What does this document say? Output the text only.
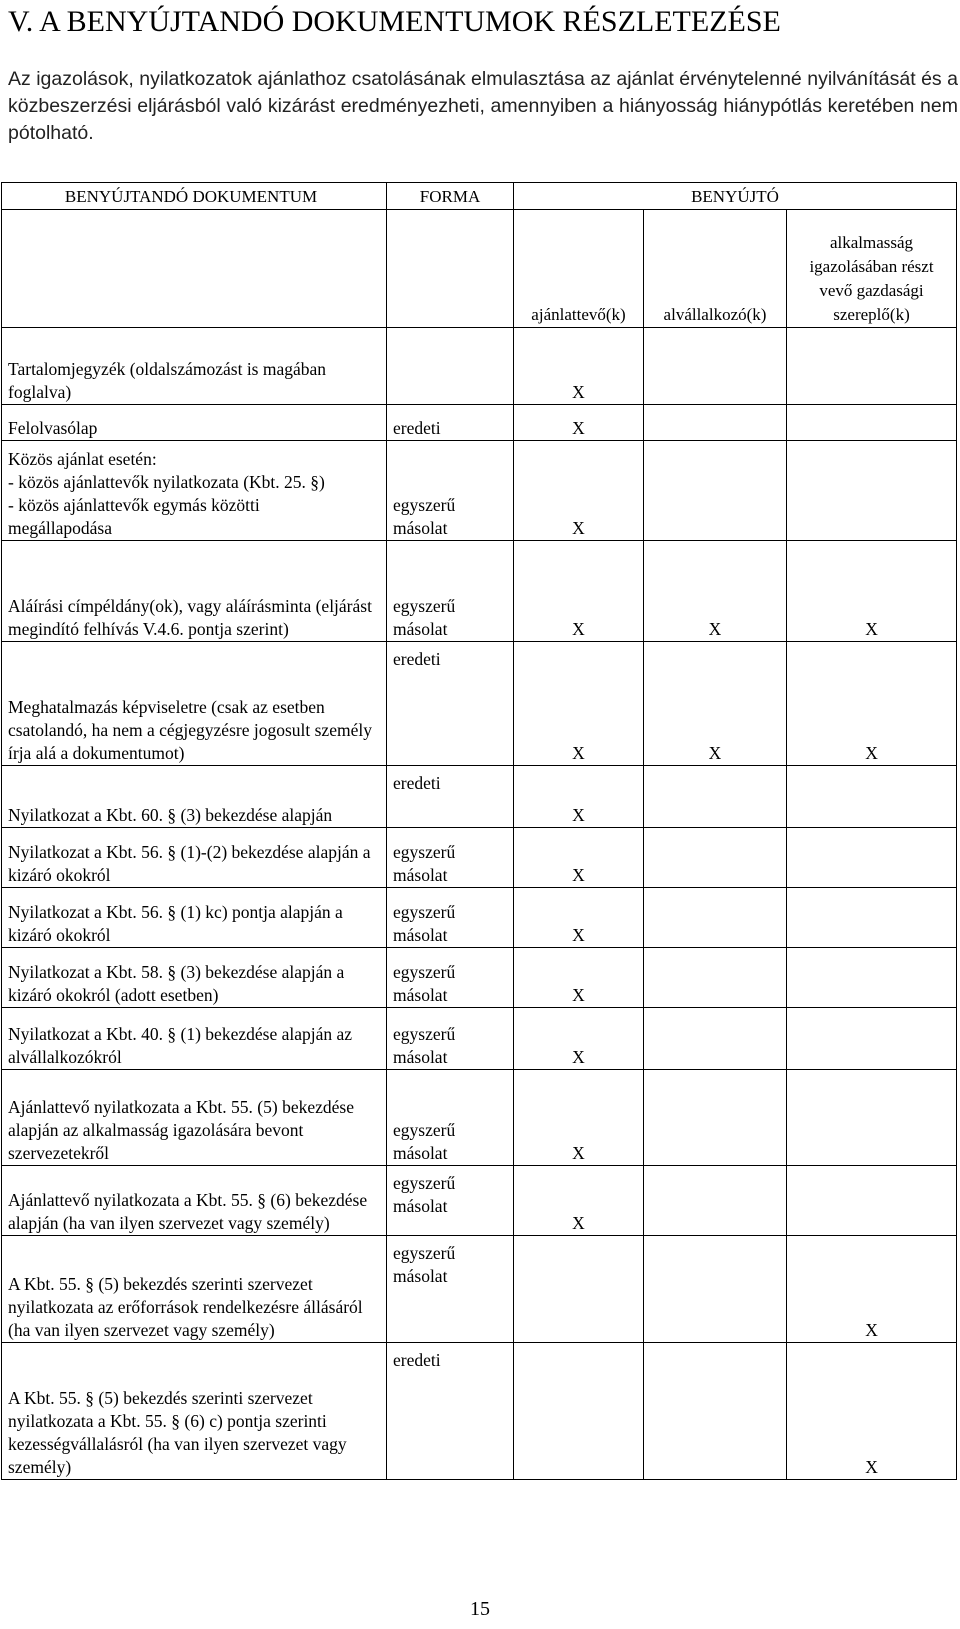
V. A BENYÚJTANDÓ DOKUMENTUMOK RÉSZLETEZÉSE

Az igazolások, nyilatkozatok ajánlathoz csatolásának elmulasztása az ajánlat érvénytelenné nyilvánítását és a közbeszerzési eljárásból való kizárást eredményezheti, amennyiben a hiányosság hiánypótlás keretében nem pótolható.

BENYÚJTANDÓ DOKUMENTUM	FORMA	BENYÚJTÓ		
		ajánlattevő(k)	alvállalkozó(k)	alkalmasság igazolásában részt vevő gazdasági szereplő(k)
Tartalomjegyzék (oldalszámozást is magában foglalva)		X		
Felolvasólap	eredeti	X		
Közös ajánlat esetén:
- közös ajánlattevők nyilatkozata (Kbt. 25. §)
- közös ajánlattevők egymás közötti
megállapodása	egyszerű
másolat	X		
Aláírási címpéldány(ok), vagy aláírásminta (eljárást megindító felhívás V.4.6. pontja szerint)	egyszerű
másolat	X	X	X
Meghatalmazás képviseletre (csak az esetben csatolandó, ha nem a cégjegyzésre jogosult személy írja alá a dokumentumot)	eredeti	X	X	X
Nyilatkozat a Kbt. 60. § (3) bekezdése alapján	eredeti	X		
Nyilatkozat a Kbt. 56. § (1)-(2) bekezdése alapján a kizáró okokról	egyszerű
másolat	X		
Nyilatkozat a Kbt. 56. § (1) kc) pontja alapján a kizáró okokról	egyszerű
másolat	X		
Nyilatkozat a Kbt. 58. § (3) bekezdése alapján a kizáró okokról (adott esetben)	egyszerű
másolat	X		
Nyilatkozat a Kbt. 40. § (1) bekezdése alapján az alvállalkozókról	egyszerű
másolat	X		
Ajánlattevő nyilatkozata a Kbt. 55. (5) bekezdése alapján az alkalmasság igazolására bevont szervezetekről	egyszerű
másolat	X		
Ajánlattevő nyilatkozata a Kbt. 55. § (6) bekezdése alapján (ha van ilyen szervezet vagy személy)	egyszerű
másolat	X		
A Kbt. 55. § (5) bekezdés szerinti szervezet nyilatkozata az erőforrások rendelkezésre állásáról (ha van ilyen szervezet vagy személy)	egyszerű
másolat			X
A Kbt. 55. § (5) bekezdés szerinti szervezet nyilatkozata a Kbt. 55. § (6) c) pontja szerinti kezességvállalásról (ha van ilyen szervezet vagy személy)	eredeti			X
15
